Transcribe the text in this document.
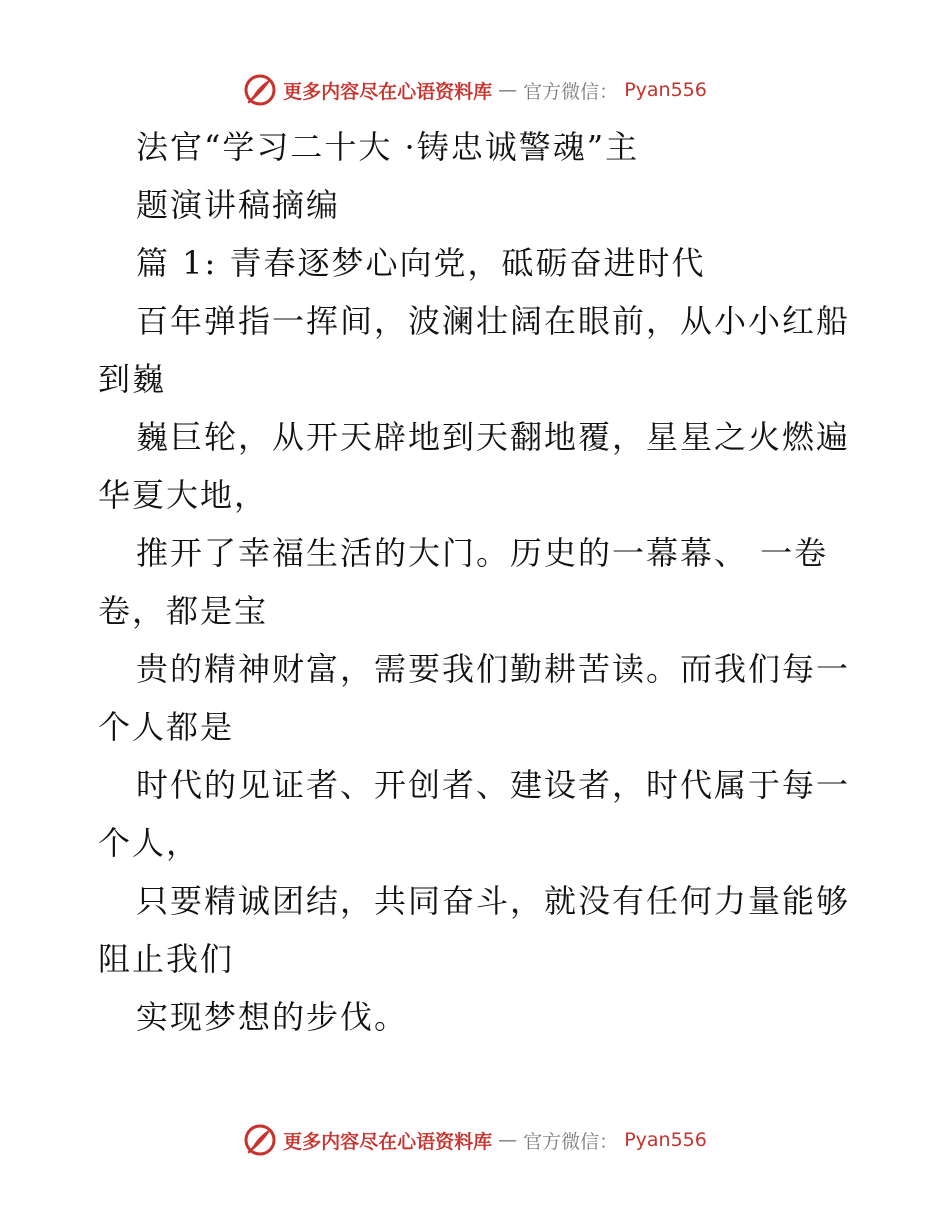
更多内容尽在心语资料库 — 官方微信： Pyan556
法官“学习二十大 ·铸忠诚警魂”主
题演讲稿摘编
篇 1: 青春逐梦心向党，砥砺奋进时代
百年弹指一挥间，波澜壮阔在眼前，从小小红船
到巍
巍巨轮，从开天辟地到天翻地覆，星星之火燃遍
华夏大地，
推开了幸福生活的大门。历史的一幕幕、 一卷
卷，都是宝
贵的精神财富，需要我们勤耕苦读。而我们每一
个人都是
时代的见证者、开创者、建设者，时代属于每一
个人，
只要精诚团结，共同奋斗，就没有任何力量能够
阻止我们
实现梦想的步伐。
更多内容尽在心语资料库 — 官方微信： Pyan556
